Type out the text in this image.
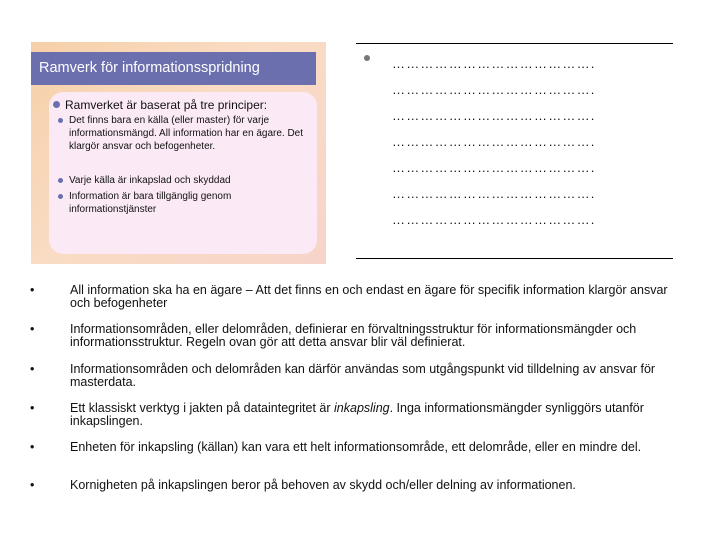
Ramverk för informationsspridning
Ramverket är baserat på tre principer:
Det finns bara en källa (eller master) för varje informationsmängd. All information har en ägare. Det klargör ansvar och befogenheter.
Varje källa är inkapslad och skyddad
Information är bara tillgänglig genom informationstjänster
…………………………………….
…………………………………….
…………………………………….
…………………………………….
…………………………………….
…………………………………….
…………………………………….
•	All information ska ha en ägare – Att det finns en och endast en ägare för specifik information klargör ansvar och befogenheter
•	Informationsområden, eller delområden, definierar en förvaltningsstruktur för informationsmängder och informationsstruktur. Regeln ovan gör att detta ansvar blir väl definierat.
•	Informationsområden och delområden kan därför användas som utgångspunkt vid tilldelning av ansvar för masterdata.
•	Ett klassiskt verktyg i jakten på dataintegritet är inkapsling. Inga informationsmängder synliggörs utanför inkapslingen.
•	Enheten för inkapsling (källan) kan vara ett helt informationsområde, ett delområde, eller en mindre del.
•	Kornigheten på inkapslingen beror på behoven av skydd och/eller delning av informationen.
